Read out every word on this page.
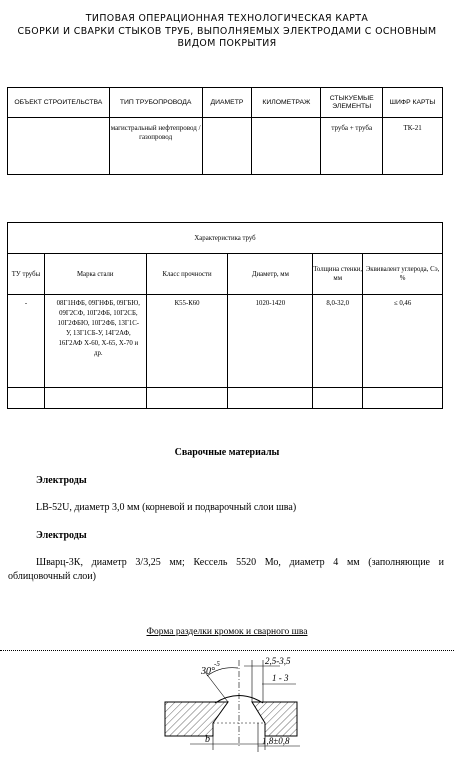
ТИПОВАЯ ОПЕРАЦИОННАЯ ТЕХНОЛОГИЧЕСКАЯ КАРТА
СБОРКИ И СВАРКИ СТЫКОВ ТРУБ, ВЫПОЛНЯЕМЫХ ЭЛЕКТРОДАМИ С ОСНОВНЫМ
ВИДОМ ПОКРЫТИЯ
ОБЪЕКТ СТРОИТЕЛЬСТВА	ТИП ТРУБОПРОВОДА	ДИАМЕТР	КИЛОМЕТРАЖ	СТЫКУЕМЫЕ ЭЛЕМЕНТЫ	ШИФР КАРТЫ
	магистральный нефтепровод /газопровод			труба + труба	ТК-21
Характеристика труб					
ТУ трубы	Марка стали	Класс прочности	Диаметр, мм	Толщина стенки, мм	Эквивалент углерода, Сэ, %
-	08Г1НФБ, 09ГНФБ, 09ГБЮ, 09Г2СФ, 10Г2ФБ, 10Г2СБ, 10Г2ФБЮ, 10Г2ФБ, 13Г1С-У, 13Г1СБ-У, 14Г2АФ, 16Г2АФ Х-60, Х-65, Х-70 и др.	К55-К60	1020-1420	8,0-32,0	≤ 0,46

Сварочные материалы
Электроды
LB-52U, диаметр 3,0 мм (корневой и подварочный слои шва)
Электроды
Шварц-3К, диаметр 3/3,25 мм; Кессель 5520 Мо, диаметр 4 мм (заполняющие и
облицовочный слои)
Форма разделки кромок и сварного шва
30°
-5	2,5-3,5
1 - 3
b	1,8±0,8
